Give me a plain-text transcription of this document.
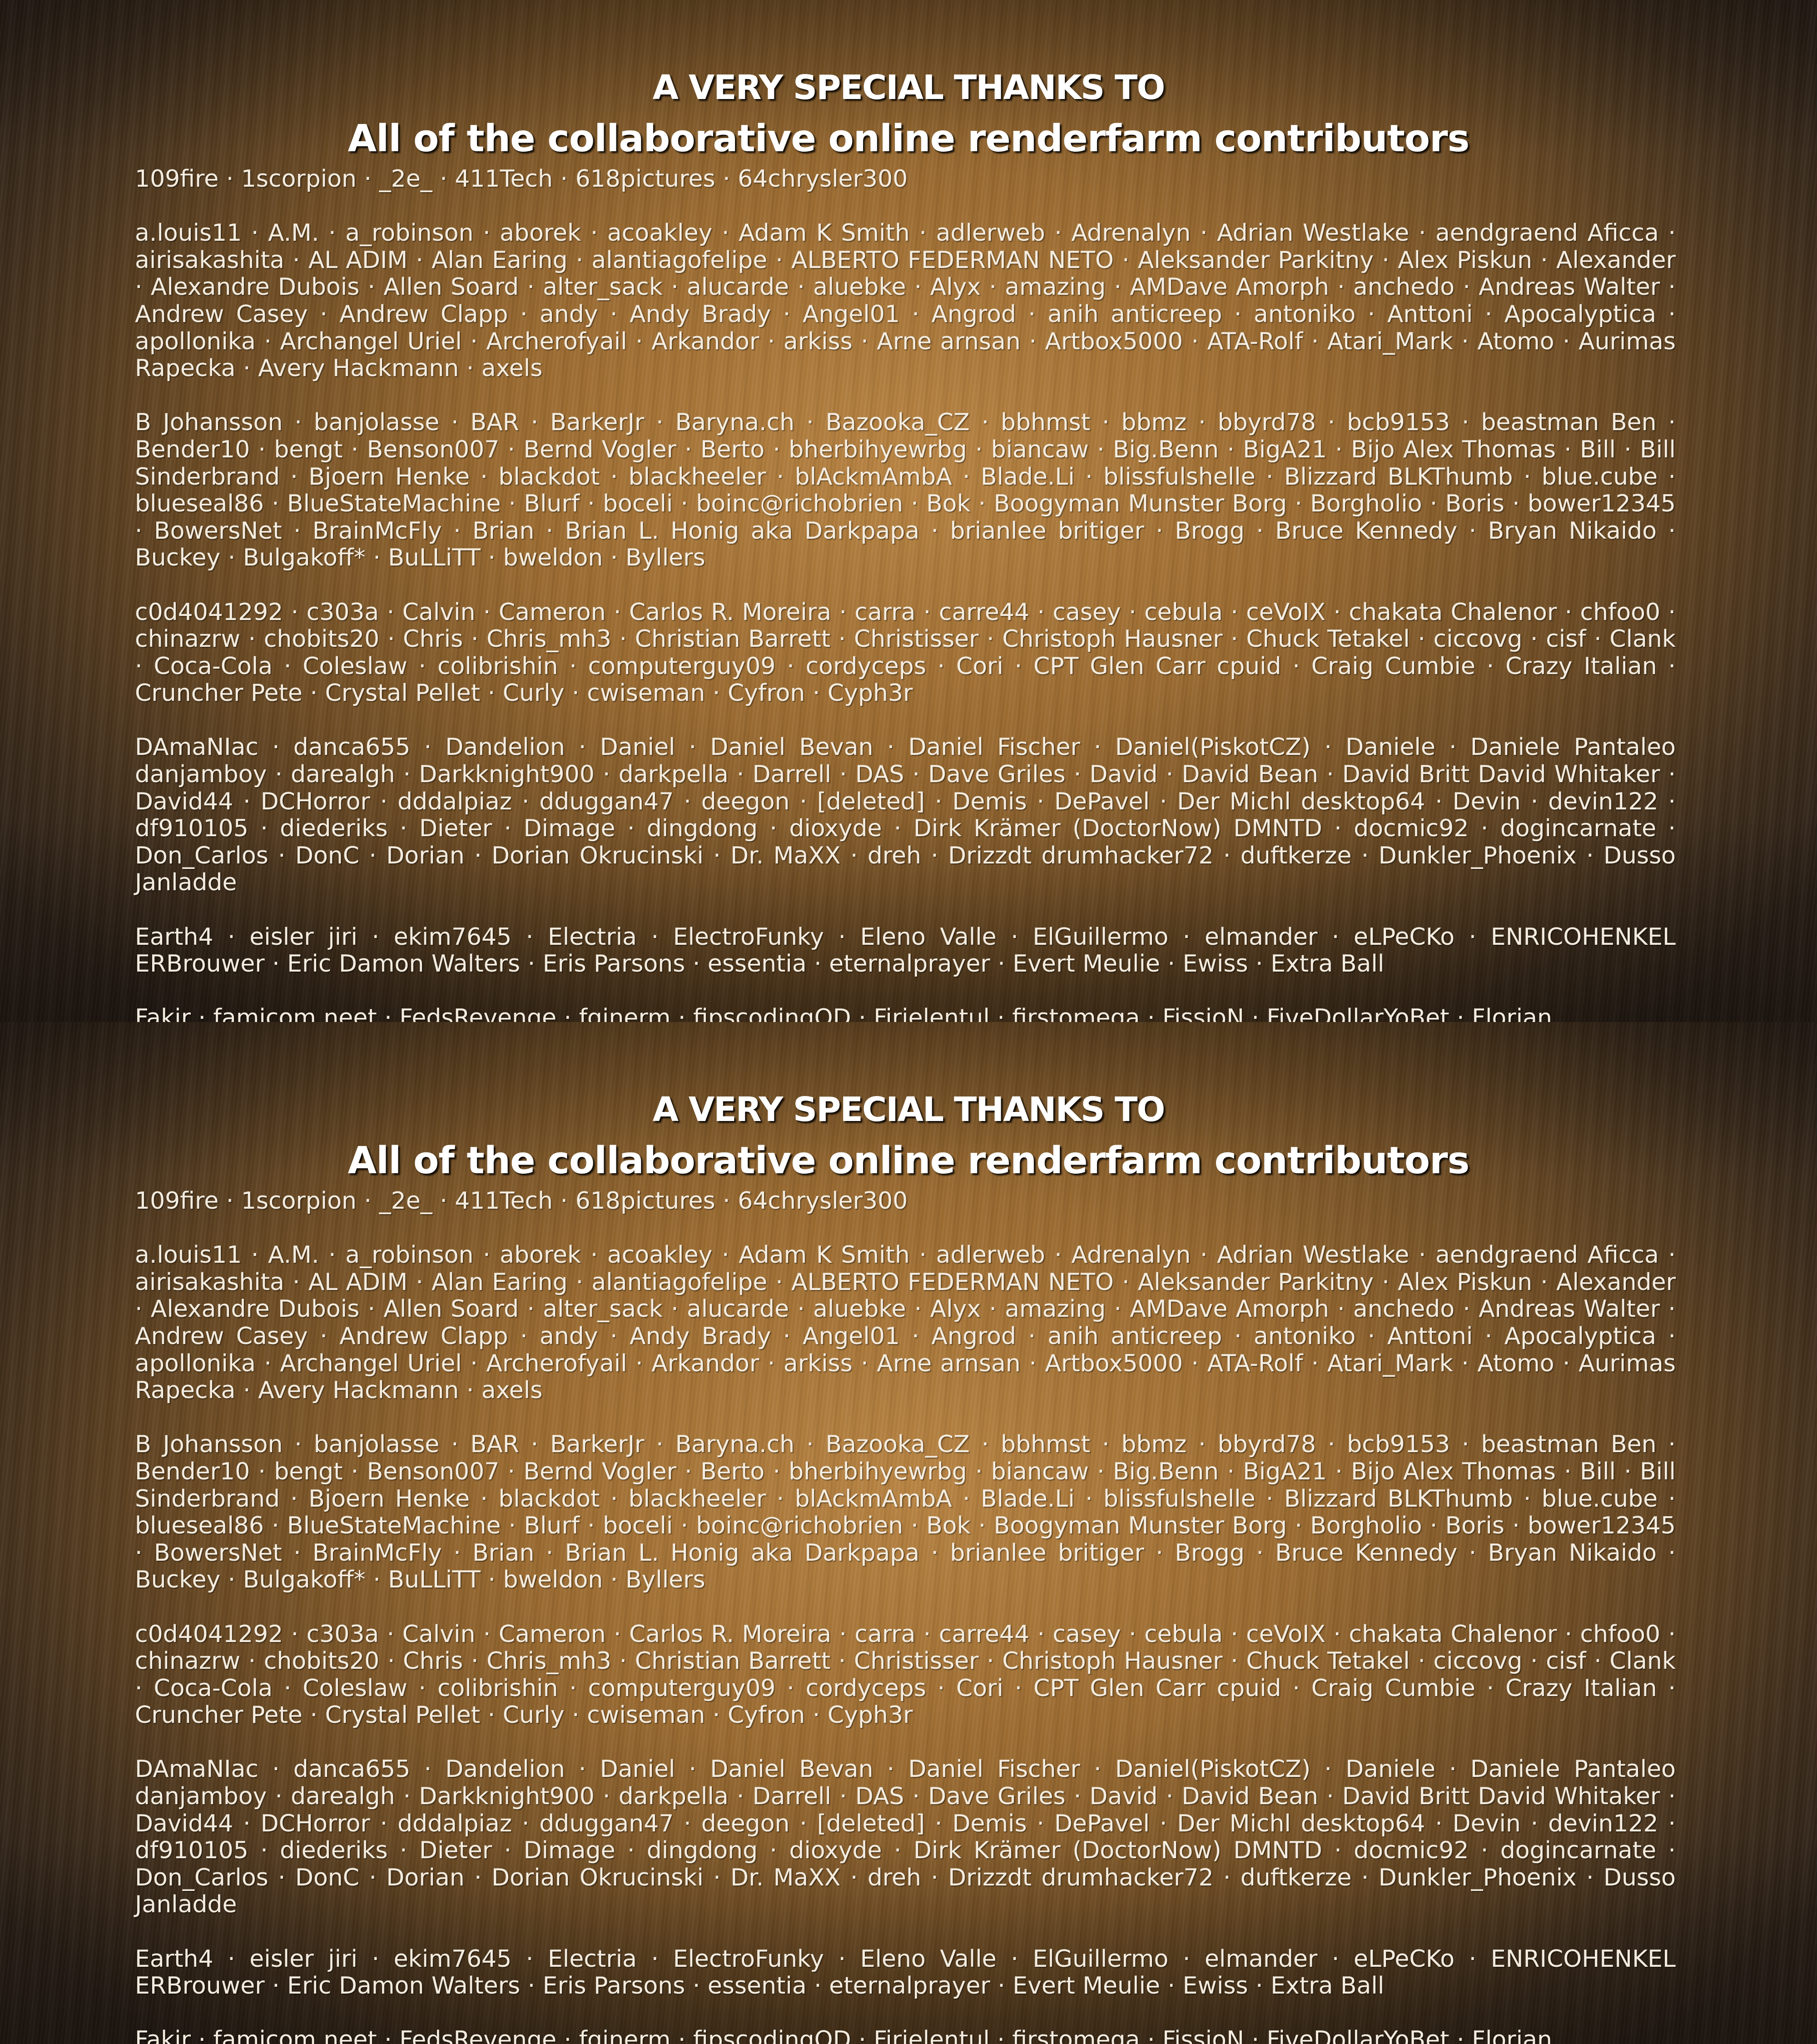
A VERY SPECIAL THANKS TO
All of the collaborative online renderfarm contributors

109fire · 1scorpion · _2e_ · 411Tech · 618pictures · 64chrysler300

a.louis11 · A.M. · a_robinson · aborek · acoakley · Adam K Smith · adlerweb · Adrenalyn · Adrian Westlake · aendgraend Aficca · airisakashita · AL ADIM · Alan Earing · alantiagofelipe · ALBERTO FEDERMAN NETO · Aleksander Parkitny · Alex Piskun · Alexander · Alexandre Dubois · Allen Soard · alter_sack · alucarde · aluebke · Alyx · amazing · AMDave Amorph · anchedo · Andreas Walter · Andrew Casey · Andrew Clapp · andy · Andy Brady · Angel01 · Angrod · anih anticreep · antoniko · Anttoni · Apocalyptica · apollonika · Archangel Uriel · Archerofyail · Arkandor · arkiss · Arne arnsan · Artbox5000 · ATA-Rolf · Atari_Mark · Atomo · Aurimas Rapecka · Avery Hackmann · axels

B Johansson · banjolasse · BAR · BarkerJr · Baryna.ch · Bazooka_CZ · bbhmst · bbmz · bbyrd78 · bcb9153 · beastman Ben · Bender10 · bengt · Benson007 · Bernd Vogler · Berto · bherbihyewrbg · biancaw · Big.Benn · BigA21 · Bijo Alex Thomas · Bill · Bill Sinderbrand · Bjoern Henke · blackdot · blackheeler · blAckmAmbA · Blade.Li · blissfulshelle · Blizzard BLKThumb · blue.cube · blueseal86 · BlueStateMachine · Blurf · boceli · boinc@richobrien · Bok · Boogyman Munster Borg · Borgholio · Boris · bower12345 · BowersNet · BrainMcFly · Brian · Brian L. Honig aka Darkpapa · brianlee britiger · Brogg · Bruce Kennedy · Bryan Nikaido · Buckey · Bulgakoff* · BuLLiTT · bweldon · Byllers

c0d4041292 · c303a · Calvin · Cameron · Carlos R. Moreira · carra · carre44 · casey · cebula · ceVoIX · chakata Chalenor · chfoo0 · chinazrw · chobits20 · Chris · Chris_mh3 · Christian Barrett · Christisser · Christoph Hausner · Chuck Tetakel · ciccovg · cisf · Clank · Coca-Cola · Coleslaw · colibrishin · computerguy09 · cordyceps · Cori · CPT Glen Carr cpuid · Craig Cumbie · Crazy Italian · Cruncher Pete · Crystal Pellet · Curly · cwiseman · Cyfron · Cyph3r

DAmaNIac · danca655 · Dandelion · Daniel · Daniel Bevan · Daniel Fischer · Daniel(PiskotCZ) · Daniele · Daniele Pantaleo danjamboy · darealgh · Darkknight900 · darkpella · Darrell · DAS · Dave Griles · David · David Bean · David Britt David Whitaker · David44 · DCHorror · dddalpiaz · dduggan47 · deegon · [deleted] · Demis · DePavel · Der Michl desktop64 · Devin · devin122 · df910105 · diederiks · Dieter · Dimage · dingdong · dioxyde · Dirk Krämer (DoctorNow) DMNTD · docmic92 · dogincarnate · Don_Carlos · DonC · Dorian · Dorian Okrucinski · Dr. MaXX · dreh · Drizzdt drumhacker72 · duftkerze · Dunkler_Phoenix · Dusso Janladde

Earth4 · eisler jiri · ekim7645 · Electria · ElectroFunky · Eleno Valle · ElGuillermo · elmander · eLPeCKo · ENRICOHENKEL ERBrouwer · Eric Damon Walters · Eris Parsons · essentia · eternalprayer · Evert Meulie · Ewiss · Extra Ball

Fakir · famicom.neet · FedsRevenge · fginerm · fipscodingQD · Firielentul · firstomega · FissioN · FiveDollarYoBet · Florian

A VERY SPECIAL THANKS TO
All of the collaborative online renderfarm contributors

109fire · 1scorpion · _2e_ · 411Tech · 618pictures · 64chrysler300

a.louis11 · A.M. · a_robinson · aborek · acoakley · Adam K Smith · adlerweb · Adrenalyn · Adrian Westlake · aendgraend Aficca · airisakashita · AL ADIM · Alan Earing · alantiagofelipe · ALBERTO FEDERMAN NETO · Aleksander Parkitny · Alex Piskun · Alexander · Alexandre Dubois · Allen Soard · alter_sack · alucarde · aluebke · Alyx · amazing · AMDave Amorph · anchedo · Andreas Walter · Andrew Casey · Andrew Clapp · andy · Andy Brady · Angel01 · Angrod · anih anticreep · antoniko · Anttoni · Apocalyptica · apollonika · Archangel Uriel · Archerofyail · Arkandor · arkiss · Arne arnsan · Artbox5000 · ATA-Rolf · Atari_Mark · Atomo · Aurimas Rapecka · Avery Hackmann · axels

B Johansson · banjolasse · BAR · BarkerJr · Baryna.ch · Bazooka_CZ · bbhmst · bbmz · bbyrd78 · bcb9153 · beastman Ben · Bender10 · bengt · Benson007 · Bernd Vogler · Berto · bherbihyewrbg · biancaw · Big.Benn · BigA21 · Bijo Alex Thomas · Bill · Bill Sinderbrand · Bjoern Henke · blackdot · blackheeler · blAckmAmbA · Blade.Li · blissfulshelle · Blizzard BLKThumb · blue.cube · blueseal86 · BlueStateMachine · Blurf · boceli · boinc@richobrien · Bok · Boogyman Munster Borg · Borgholio · Boris · bower12345 · BowersNet · BrainMcFly · Brian · Brian L. Honig aka Darkpapa · brianlee britiger · Brogg · Bruce Kennedy · Bryan Nikaido · Buckey · Bulgakoff* · BuLLiTT · bweldon · Byllers

c0d4041292 · c303a · Calvin · Cameron · Carlos R. Moreira · carra · carre44 · casey · cebula · ceVoIX · chakata Chalenor · chfoo0 · chinazrw · chobits20 · Chris · Chris_mh3 · Christian Barrett · Christisser · Christoph Hausner · Chuck Tetakel · ciccovg · cisf · Clank · Coca-Cola · Coleslaw · colibrishin · computerguy09 · cordyceps · Cori · CPT Glen Carr cpuid · Craig Cumbie · Crazy Italian · Cruncher Pete · Crystal Pellet · Curly · cwiseman · Cyfron · Cyph3r

DAmaNIac · danca655 · Dandelion · Daniel · Daniel Bevan · Daniel Fischer · Daniel(PiskotCZ) · Daniele · Daniele Pantaleo danjamboy · darealgh · Darkknight900 · darkpella · Darrell · DAS · Dave Griles · David · David Bean · David Britt David Whitaker · David44 · DCHorror · dddalpiaz · dduggan47 · deegon · [deleted] · Demis · DePavel · Der Michl desktop64 · Devin · devin122 · df910105 · diederiks · Dieter · Dimage · dingdong · dioxyde · Dirk Krämer (DoctorNow) DMNTD · docmic92 · dogincarnate · Don_Carlos · DonC · Dorian · Dorian Okrucinski · Dr. MaXX · dreh · Drizzdt drumhacker72 · duftkerze · Dunkler_Phoenix · Dusso Janladde

Earth4 · eisler jiri · ekim7645 · Electria · ElectroFunky · Eleno Valle · ElGuillermo · elmander · eLPeCKo · ENRICOHENKEL ERBrouwer · Eric Damon Walters · Eris Parsons · essentia · eternalprayer · Evert Meulie · Ewiss · Extra Ball

Fakir · famicom.neet · FedsRevenge · fginerm · fipscodingQD · Firielentul · firstomega · FissioN · FiveDollarYoBet · Florian
